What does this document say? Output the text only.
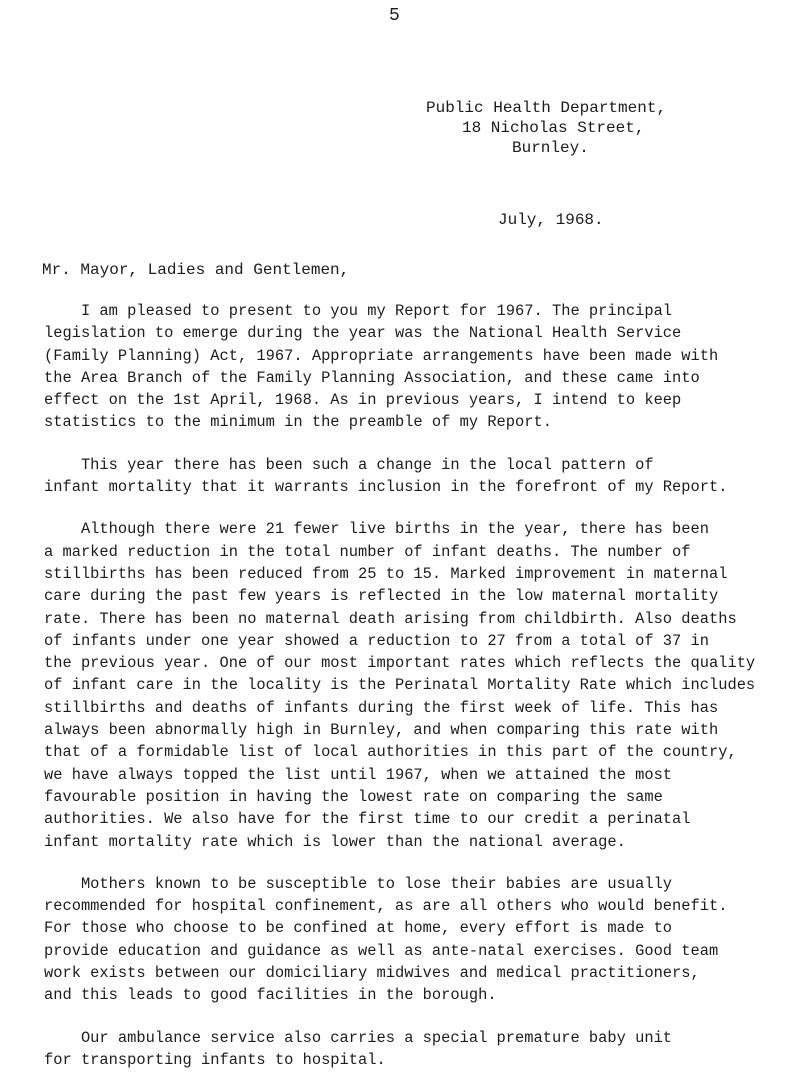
5
Public Health Department,
18 Nicholas Street,
Burnley.
July, 1968.
Mr. Mayor, Ladies and Gentlemen,

I am pleased to present to you my Report for 1967. The principal
legislation to emerge during the year was the National Health Service
(Family Planning) Act, 1967. Appropriate arrangements have been made with
the Area Branch of the Family Planning Association, and these came into
effect on the 1st April, 1968. As in previous years, I intend to keep
statistics to the minimum in the preamble of my Report.

This year there has been such a change in the local pattern of
infant mortality that it warrants inclusion in the forefront of my Report.

Although there were 21 fewer live births in the year, there has been
a marked reduction in the total number of infant deaths. The number of
stillbirths has been reduced from 25 to 15. Marked improvement in maternal
care during the past few years is reflected in the low maternal mortality
rate. There has been no maternal death arising from childbirth. Also deaths
of infants under one year showed a reduction to 27 from a total of 37 in
the previous year. One of our most important rates which reflects the quality
of infant care in the locality is the Perinatal Mortality Rate which includes
stillbirths and deaths of infants during the first week of life. This has
always been abnormally high in Burnley, and when comparing this rate with
that of a formidable list of local authorities in this part of the country,
we have always topped the list until 1967, when we attained the most
favourable position in having the lowest rate on comparing the same
authorities. We also have for the first time to our credit a perinatal
infant mortality rate which is lower than the national average.

Mothers known to be susceptible to lose their babies are usually
recommended for hospital confinement, as are all others who would benefit.
For those who choose to be confined at home, every effort is made to
provide education and guidance as well as ante-natal exercises. Good team
work exists between our domiciliary midwives and medical practitioners,
and this leads to good facilities in the borough.

Our ambulance service also carries a special premature baby unit
for transporting infants to hospital.
